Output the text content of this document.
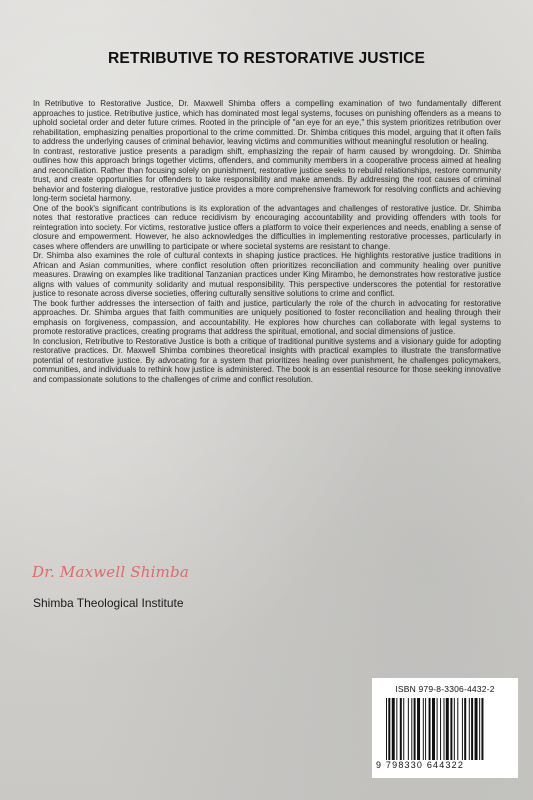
RETRIBUTIVE TO RESTORATIVE JUSTICE

In Retributive to Restorative Justice, Dr. Maxwell Shimba offers a compelling examination of two fundamentally different approaches to justice. Retributive justice, which has dominated most legal systems, focuses on punishing offenders as a means to uphold societal order and deter future crimes. Rooted in the principle of "an eye for an eye," this system prioritizes retribution over rehabilitation, emphasizing penalties proportional to the crime committed. Dr. Shimba critiques this model, arguing that it often fails to address the underlying causes of criminal behavior, leaving victims and communities without meaningful resolution or healing.

In contrast, restorative justice presents a paradigm shift, emphasizing the repair of harm caused by wrongdoing. Dr. Shimba outlines how this approach brings together victims, offenders, and community members in a cooperative process aimed at healing and reconciliation. Rather than focusing solely on punishment, restorative justice seeks to rebuild relationships, restore community trust, and create opportunities for offenders to take responsibility and make amends. By addressing the root causes of criminal behavior and fostering dialogue, restorative justice provides a more comprehensive framework for resolving conflicts and achieving long-term societal harmony.

One of the book's significant contributions is its exploration of the advantages and challenges of restorative justice. Dr. Shimba notes that restorative practices can reduce recidivism by encouraging accountability and providing offenders with tools for reintegration into society. For victims, restorative justice offers a platform to voice their experiences and needs, enabling a sense of closure and empowerment. However, he also acknowledges the difficulties in implementing restorative processes, particularly in cases where offenders are unwilling to participate or where societal systems are resistant to change.

Dr. Shimba also examines the role of cultural contexts in shaping justice practices. He highlights restorative justice traditions in African and Asian communities, where conflict resolution often prioritizes reconciliation and community healing over punitive measures. Drawing on examples like traditional Tanzanian practices under King Mirambo, he demonstrates how restorative justice aligns with values of community solidarity and mutual responsibility. This perspective underscores the potential for restorative justice to resonate across diverse societies, offering culturally sensitive solutions to crime and conflict.

The book further addresses the intersection of faith and justice, particularly the role of the church in advocating for restorative approaches. Dr. Shimba argues that faith communities are uniquely positioned to foster reconciliation and healing through their emphasis on forgiveness, compassion, and accountability. He explores how churches can collaborate with legal systems to promote restorative practices, creating programs that address the spiritual, emotional, and social dimensions of justice.

In conclusion, Retributive to Restorative Justice is both a critique of traditional punitive systems and a visionary guide for adopting restorative practices. Dr. Maxwell Shimba combines theoretical insights with practical examples to illustrate the transformative potential of restorative justice. By advocating for a system that prioritizes healing over punishment, he challenges policymakers, communities, and individuals to rethink how justice is administered. The book is an essential resource for those seeking innovative and compassionate solutions to the challenges of crime and conflict resolution.

Dr. Maxwell Shimba
Shimba Theological Institute
ISBN 979-8-3306-4432-2
9 798330 644322
